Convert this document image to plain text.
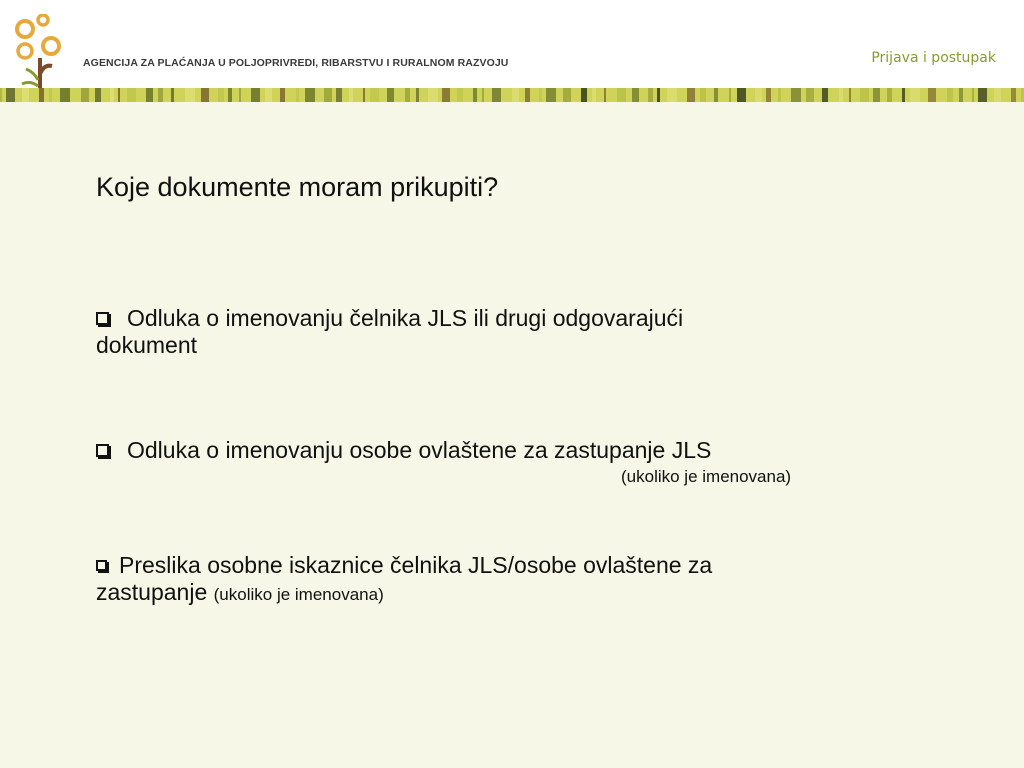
AGENCIJA ZA PLAĆANJA U POLJOPRIVREDI, RIBARSTVU I RURALNOM RAZVOJU	Prijava i postupak
Koje dokumente moram prikupiti?
Odluka o imenovanju čelnika JLS ili drugi odgovarajući
dokument
Odluka o imenovanju osobe ovlaštene za zastupanje JLS
(ukoliko je imenovana)
Preslika osobne iskaznice čelnika JLS/osobe ovlaštene za
zastupanje (ukoliko je imenovana)
